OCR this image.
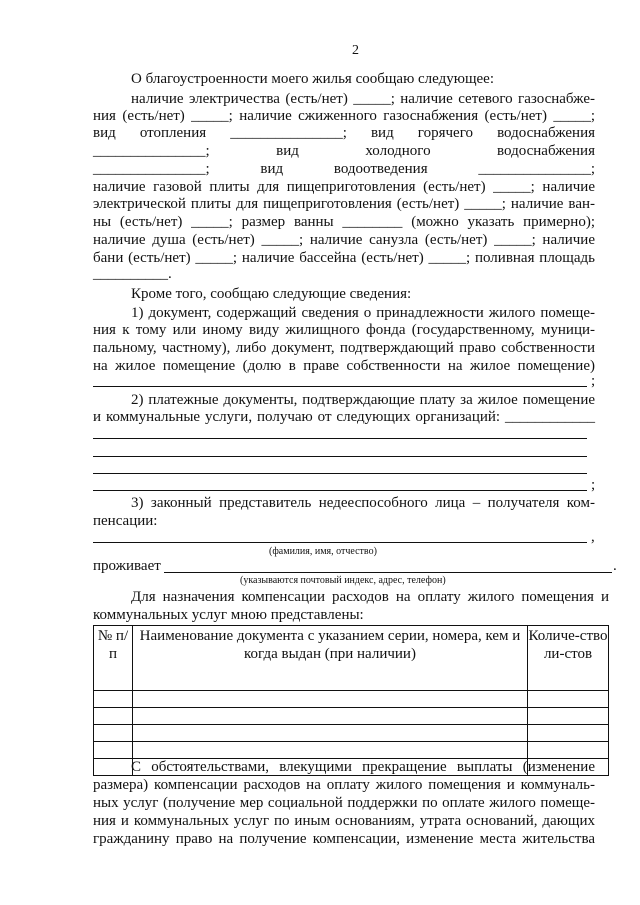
2
О благоустроенности моего жилья сообщаю следующее:
наличие электричества (есть/нет) _____; наличие сетевого газоснабже-
ния (есть/нет) _____; наличие сжиженного газоснабжения (есть/нет) _____;
вид отопления _______________; вид горячего водоснабжения
_______________; вид холодного водоснабжения
_______________; вид водоотведения _______________;
наличие газовой плиты для пищеприготовления (есть/нет) _____; наличие
электрической плиты для пищеприготовления (есть/нет) _____; наличие ван-
ны (есть/нет) _____; размер ванны ________ (можно указать примерно);
наличие душа (есть/нет) _____; наличие санузла (есть/нет) _____; наличие
бани (есть/нет) _____; наличие бассейна (есть/нет) _____; поливная площадь
__________.
Кроме того, сообщаю следующие сведения:
1) документ, содержащий сведения о принадлежности жилого помеще-
ния к тому или иному виду жилищного фонда (государственному, муници-
пальному, частному), либо документ, подтверждающий право собственности
на жилое помещение (долю в праве собственности на жилое помещение)
;
2) платежные документы, подтверждающие плату за жилое помещение
и коммунальные услуги, получаю от следующих организаций: ____________
;
3) законный представитель недееспособного лица – получателя ком-
пенсации:
,
(фамилия, имя, отчество)
проживает	.
(указываются почтовый индекс, адрес, телефон)
Для назначения компенсации расходов на оплату жилого помещения и
коммунальных услуг мною представлены:
№ п/п	Наименование документа с указанием серии, номера, кем и когда выдан (при наличии)	Количе-ство ли-стов

С обстоятельствами, влекущими прекращение выплаты (изменение
размера) компенсации расходов на оплату жилого помещения и коммуналь-
ных услуг (получение мер социальной поддержки по оплате жилого помеще-
ния и коммунальных услуг по иным основаниям, утрата оснований, дающих
гражданину право на получение компенсации, изменение места жительства
